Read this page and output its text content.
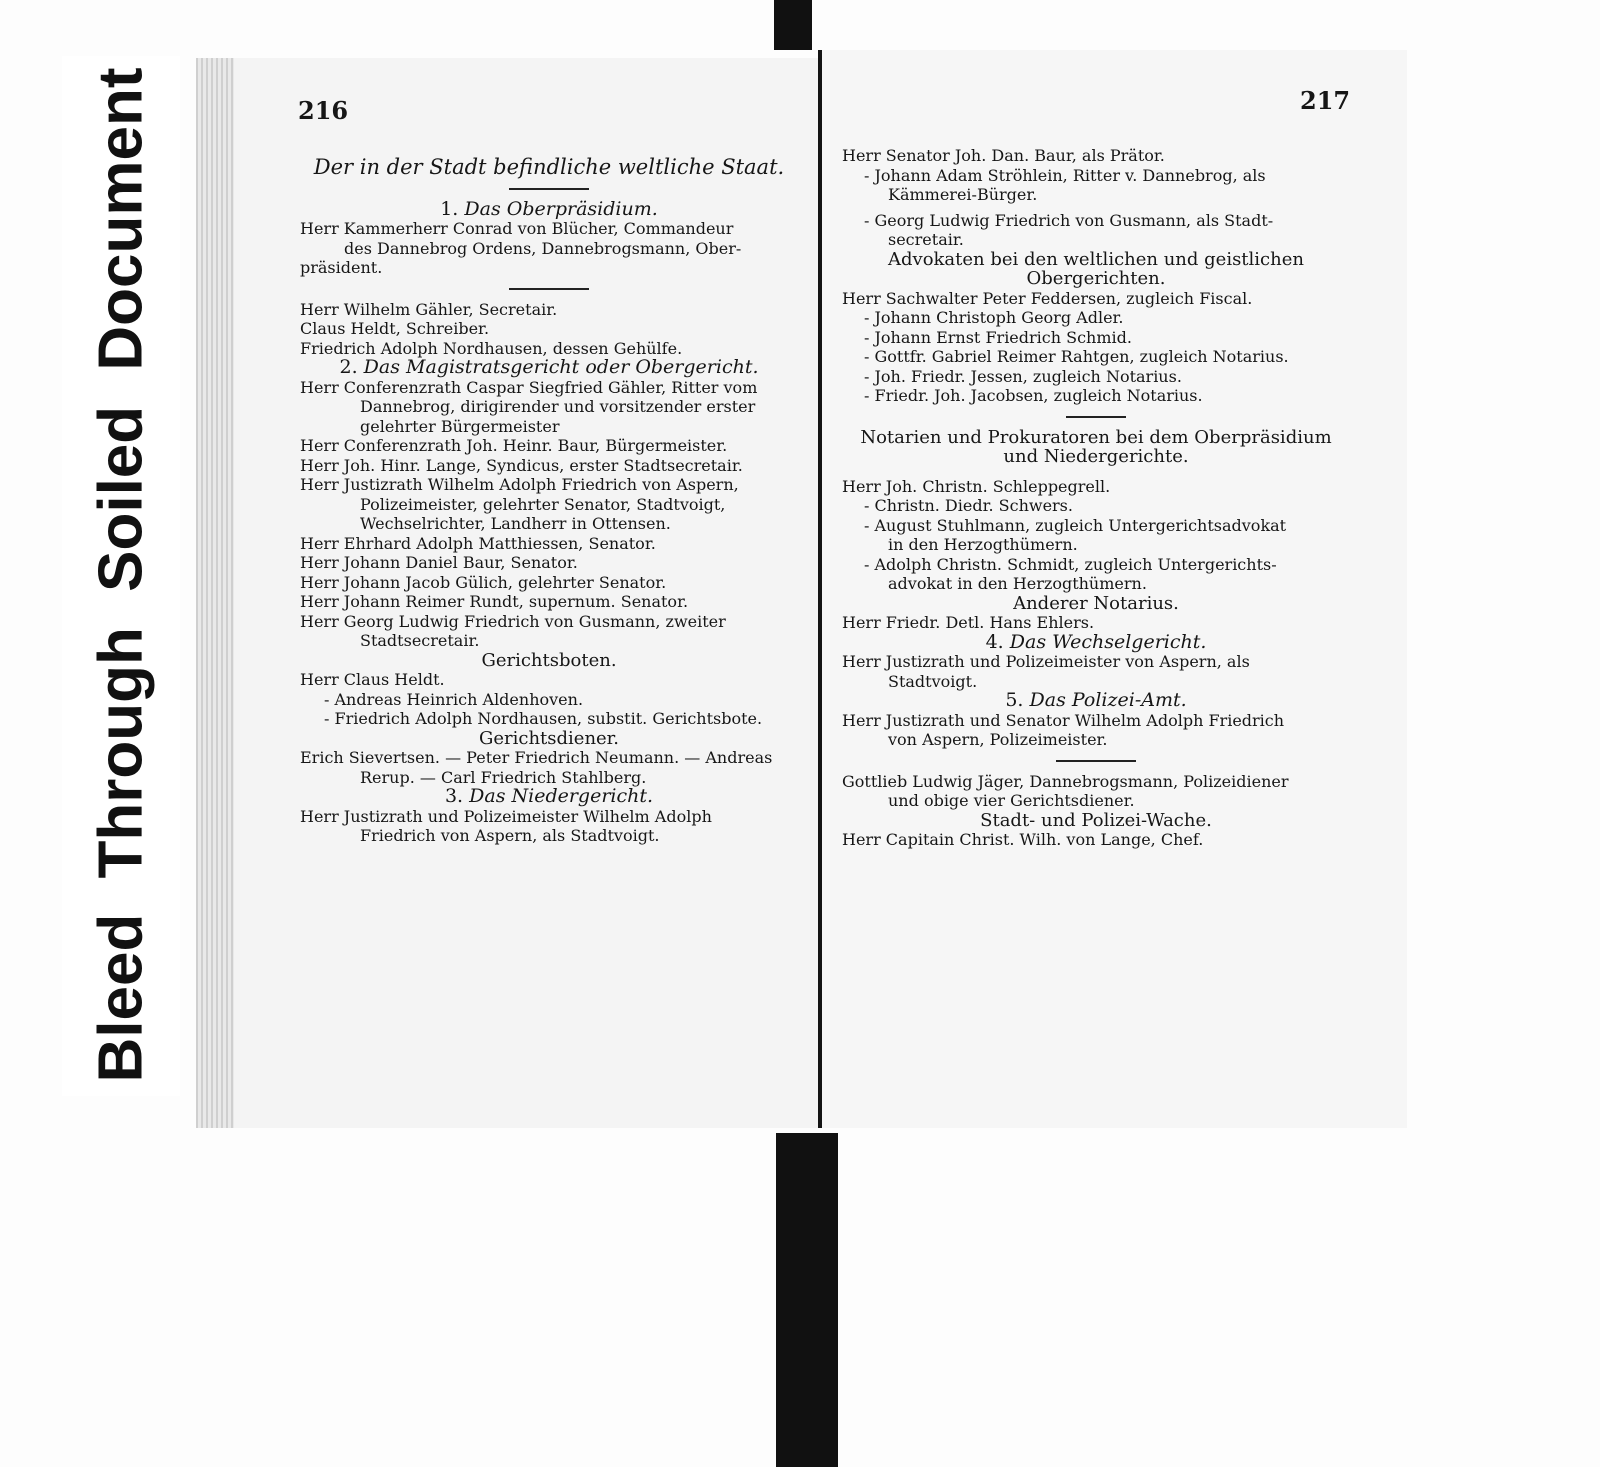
Bleed Through Soiled Document	216

Der in der Stadt befindliche weltliche Staat.

1. Das Oberpräsidium.

Herr Kammerherr Conrad von Blücher, Commandeur

des Dannebrog Ordens, Dannebrogsmann, Ober-

präsident.

Herr Wilhelm Gähler, Secretair.

Claus Heldt, Schreiber.

Friedrich Adolph Nordhausen, dessen Gehülfe.

2. Das Magistratsgericht oder Obergericht.

Herr Conferenzrath Caspar Siegfried Gähler, Ritter vom

Dannebrog, dirigirender und vorsitzender erster

gelehrter Bürgermeister

Herr Conferenzrath Joh. Heinr. Baur, Bürgermeister.

Herr Joh. Hinr. Lange, Syndicus, erster Stadtsecretair.

Herr Justizrath Wilhelm Adolph Friedrich von Aspern,

Polizeimeister, gelehrter Senator, Stadtvoigt,

Wechselrichter, Landherr in Ottensen.

Herr Ehrhard Adolph Matthiessen, Senator.

Herr Johann Daniel Baur, Senator.

Herr Johann Jacob Gülich, gelehrter Senator.

Herr Johann Reimer Rundt, supernum. Senator.

Herr Georg Ludwig Friedrich von Gusmann, zweiter

Stadtsecretair.

Gerichtsboten.

Herr Claus Heldt.

- Andreas Heinrich Aldenhoven.

- Friedrich Adolph Nordhausen, substit. Gerichtsbote.

Gerichtsdiener.

Erich Sievertsen. — Peter Friedrich Neumann. — Andreas

Rerup. — Carl Friedrich Stahlberg.

3. Das Niedergericht.

Herr Justizrath und Polizeimeister Wilhelm Adolph

Friedrich von Aspern, als Stadtvoigt.

217

Herr Senator Joh. Dan. Baur, als Prätor.

- Johann Adam Ströhlein, Ritter v. Dannebrog, als

Kämmerei-Bürger.

- Georg Ludwig Friedrich von Gusmann, als Stadt-

secretair.

Advokaten bei den weltlichen und geistlichen

Obergerichten.

Herr Sachwalter Peter Feddersen, zugleich Fiscal.

- Johann Christoph Georg Adler.

- Johann Ernst Friedrich Schmid.

- Gottfr. Gabriel Reimer Rahtgen, zugleich Notarius.

- Joh. Friedr. Jessen, zugleich Notarius.

- Friedr. Joh. Jacobsen, zugleich Notarius.

Notarien und Prokuratoren bei dem Oberpräsidium

und Niedergerichte.

Herr Joh. Christn. Schleppegrell.

- Christn. Diedr. Schwers.

- August Stuhlmann, zugleich Untergerichtsadvokat

in den Herzogthümern.

- Adolph Christn. Schmidt, zugleich Untergerichts-

advokat in den Herzogthümern.

Anderer Notarius.

Herr Friedr. Detl. Hans Ehlers.

4. Das Wechselgericht.

Herr Justizrath und Polizeimeister von Aspern, als

Stadtvoigt.

5. Das Polizei-Amt.

Herr Justizrath und Senator Wilhelm Adolph Friedrich

von Aspern, Polizeimeister.

Gottlieb Ludwig Jäger, Dannebrogsmann, Polizeidiener

und obige vier Gerichtsdiener.

Stadt- und Polizei-Wache.

Herr Capitain Christ. Wilh. von Lange, Chef.
